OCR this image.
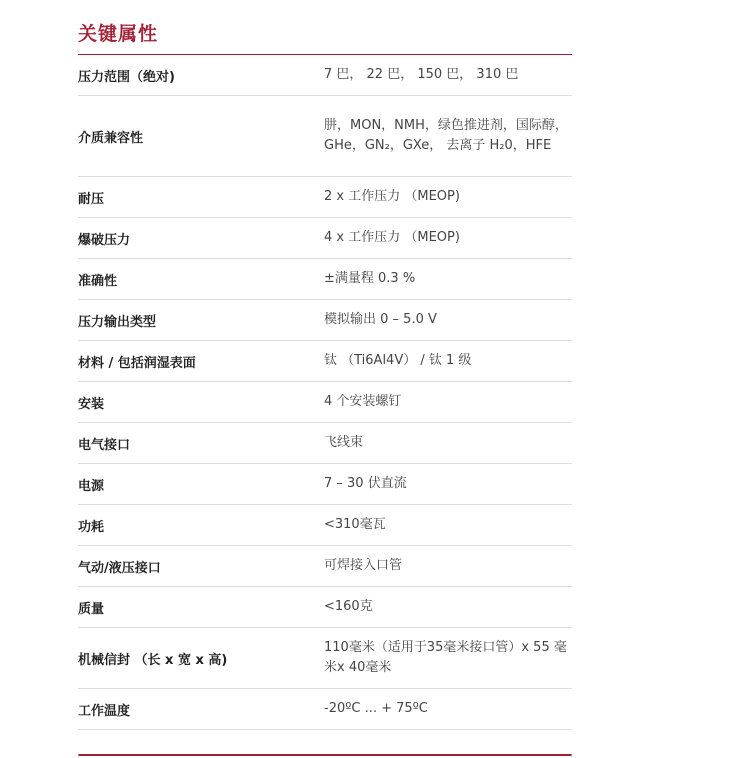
关键属性
压力范围（绝对)	7 巴， 22 巴， 150 巴， 310 巴
介质兼容性	肼，MON，NMH，绿色推进剂，国际醇，GHe，GN₂，GXe， 去离子 H₂0，HFE
耐压	2 x 工作压力 （MEOP)
爆破压力	4 x 工作压力 （MEOP)
准确性	±满量程 0.3 %
压力输出类型	模拟输出 0 – 5.0 V
材料 / 包括润湿表面	钛 （Ti6Al4V） / 钛 1 级
安装	4 个安装螺钉
电气接口	飞线束
电源	7 – 30 伏直流
功耗	<310毫瓦
气动/液压接口	可焊接入口管
质量	<160克
机械信封 （长 x 宽 x 高)	110毫米（适用于35毫米接口管）x 55 毫米x 40毫米
工作温度	-20ºC ... + 75ºC
